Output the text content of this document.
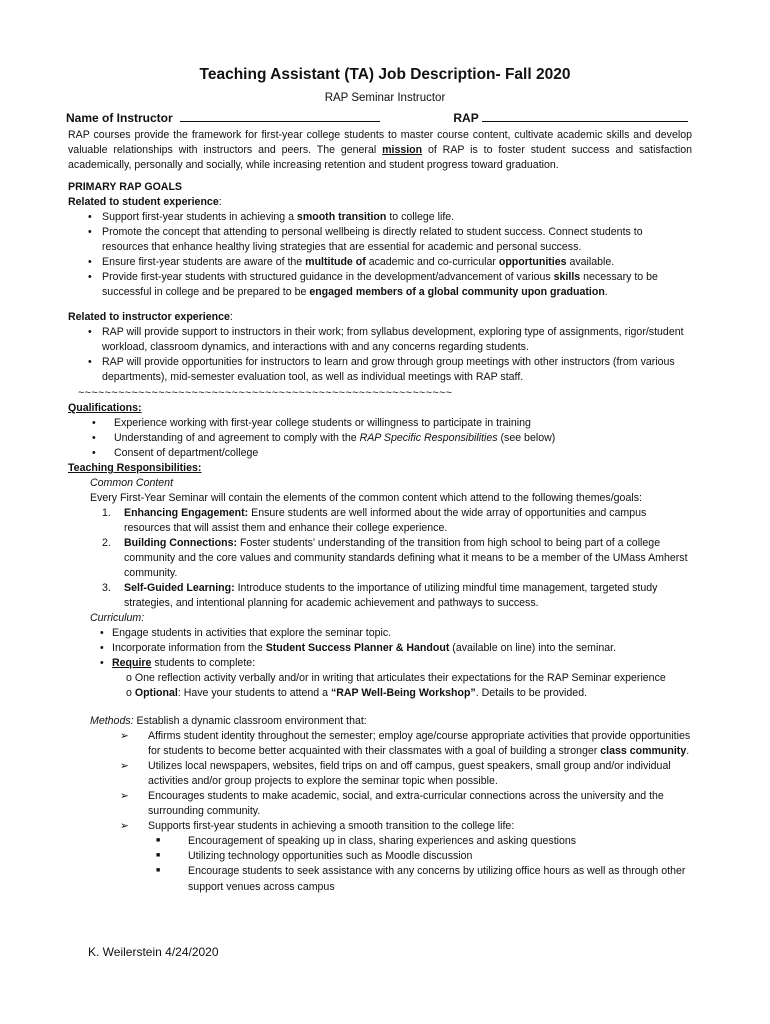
Teaching Assistant (TA) Job Description- Fall 2020
RAP Seminar Instructor
Name of Instructor	RAP

RAP courses provide the framework for first-year college students to master course content, cultivate academic skills and develop valuable relationships with instructors and peers. The general mission of RAP is to foster student success and satisfaction academically, personally and socially, while increasing retention and student progress toward graduation.

PRIMARY RAP GOALS

Related to student experience:

• Support first-year students in achieving a smooth transition to college life.
• Promote the concept that attending to personal wellbeing is directly related to student success. Connect students to resources that enhance healthy living strategies that are essential for academic and personal success.
• Ensure first-year students are aware of the multitude of academic and co-curricular opportunities available.
• Provide first-year students with structured guidance in the development/advancement of various skills necessary to be successful in college and be prepared to be engaged members of a global community upon graduation.

Related to instructor experience:

• RAP will provide support to instructors in their work; from syllabus development, exploring type of assignments, rigor/student workload, classroom dynamics, and interactions with and any concerns regarding students.
• RAP will provide opportunities for instructors to learn and grow through group meetings with other instructors (from various departments), mid-semester evaluation tool, as well as individual meetings with RAP staff.

~~~~~~~~~~~~~~~~~~~~~~~~~~~~~~~~~~~~~~~~~~~~~~~~~~~~~~~~

Qualifications:

• Experience working with first-year college students or willingness to participate in training
• Understanding of and agreement to comply with the RAP Specific Responsibilities (see below)
• Consent of department/college

Teaching Responsibilities:

Common Content

Every First-Year Seminar will contain the elements of the common content which attend to the following themes/goals:

1. Enhancing Engagement: Ensure students are well informed about the wide array of opportunities and campus resources that will assist them and enhance their college experience.
2. Building Connections: Foster students' understanding of the transition from high school to being part of a college community and the core values and community standards defining what it means to be a member of the UMass Amherst community.
3. Self-Guided Learning: Introduce students to the importance of utilizing mindful time management, targeted study strategies, and intentional planning for academic achievement and pathways to success.

Curriculum:

• Engage students in activities that explore the seminar topic.
• Incorporate information from the Student Success Planner & Handout (available on line) into the seminar.
• Require students to complete:
o One reflection activity verbally and/or in writing that articulates their expectations for the RAP Seminar experience
o Optional: Have your students to attend a “RAP Well-Being Workshop”. Details to be provided.

Methods: Establish a dynamic classroom environment that:

➢ Affirms student identity throughout the semester; employ age/course appropriate activities that provide opportunities for students to become better acquainted with their classmates with a goal of building a stronger class community.
➢ Utilizes local newspapers, websites, field trips on and off campus, guest speakers, small group and/or individual activities and/or group projects to explore the seminar topic when possible.
➢ Encourages students to make academic, social, and extra-curricular connections across the university and the surrounding community.
➢ Supports first-year students in achieving a smooth transition to the college life:
■ Encouragement of speaking up in class, sharing experiences and asking questions
■ Utilizing technology opportunities such as Moodle discussion
■ Encourage students to seek assistance with any concerns by utilizing office hours as well as through other support venues across campus
K. Weilerstein 4/24/2020
